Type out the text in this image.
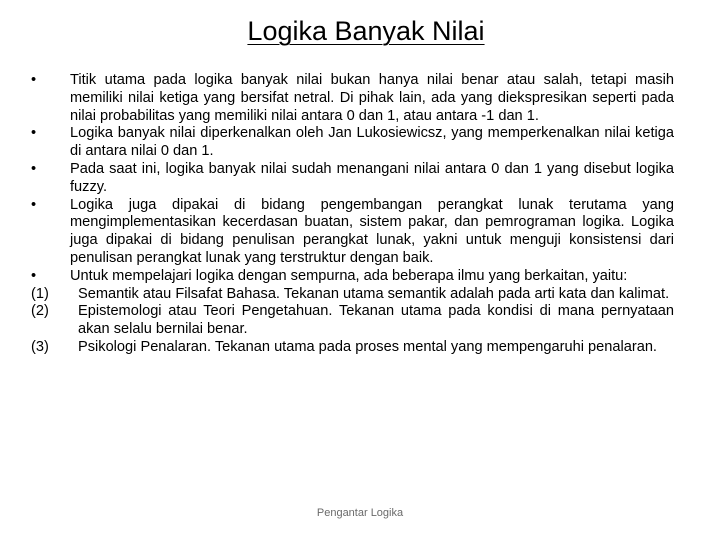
Logika Banyak Nilai
•	Titik utama pada logika banyak nilai bukan hanya nilai benar atau salah, tetapi masih memiliki nilai ketiga yang bersifat netral. Di pihak lain, ada yang diekspresikan seperti pada nilai probabilitas yang memiliki nilai antara 0 dan 1, atau antara -1 dan 1.
•	Logika banyak nilai diperkenalkan oleh Jan Lukosiewicsz, yang memperkenalkan nilai ketiga di antara nilai 0 dan 1.
•	Pada saat ini, logika banyak nilai sudah menangani nilai antara 0 dan 1 yang disebut logika fuzzy.
•	Logika juga dipakai di bidang pengembangan perangkat lunak terutama yang mengimplementasikan kecerdasan buatan, sistem pakar, dan pemrograman logika. Logika juga dipakai di bidang penulisan perangkat lunak, yakni untuk menguji konsistensi dari penulisan perangkat lunak yang terstruktur dengan baik.
•	Untuk mempelajari logika dengan sempurna, ada beberapa ilmu yang berkaitan, yaitu:
(1)	Semantik atau Filsafat Bahasa. Tekanan utama semantik adalah pada arti kata dan kalimat.
(2)	Epistemologi atau Teori Pengetahuan. Tekanan utama pada kondisi di mana pernyataan akan selalu bernilai benar.
(3)	Psikologi Penalaran. Tekanan utama pada proses mental yang mempengaruhi penalaran.
Pengantar Logika
